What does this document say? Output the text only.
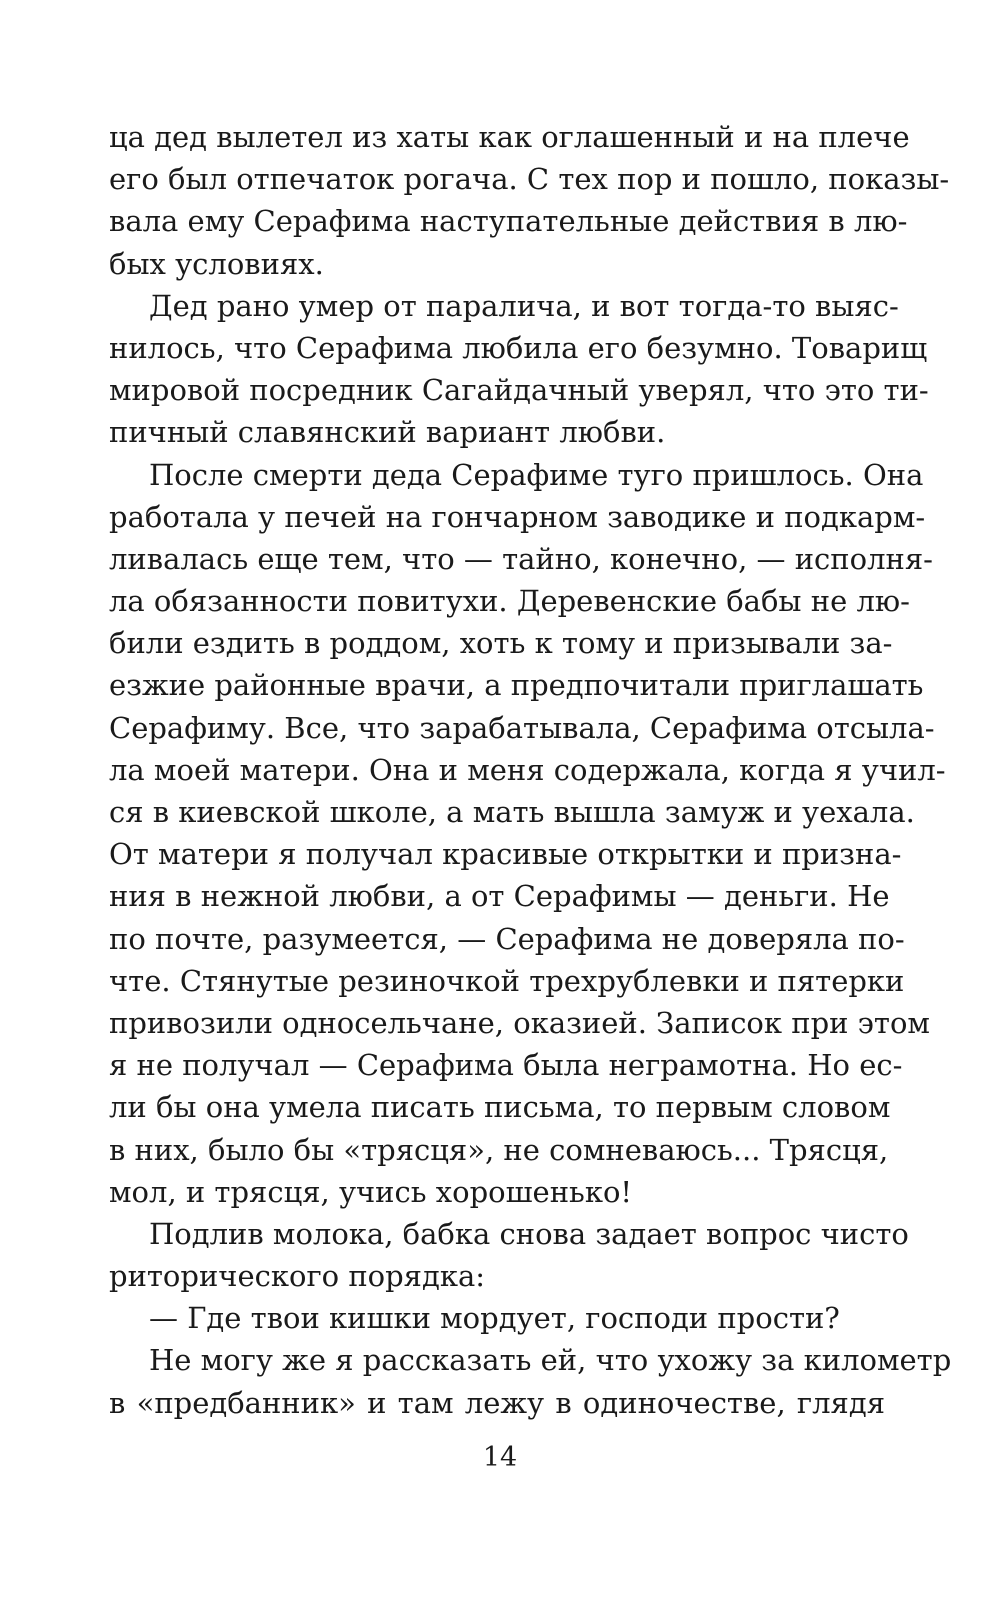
ца дед вылетел из хаты как оглашенный и на плече
его был отпечаток рогача. С тех пор и пошло, показы-
вала ему Серафима наступательные действия в лю-
бых условиях.
Дед рано умер от паралича, и вот тогда-то выяс-
нилось, что Серафима любила его безумно. Товарищ
мировой посредник Сагайдачный уверял, что это ти-
пичный славянский вариант любви.
После смерти деда Серафиме туго пришлось. Она
работала у печей на гончарном заводике и подкарм-
ливалась еще тем, что — тайно, конечно, — исполня-
ла обязанности повитухи. Деревенские бабы не лю-
били ездить в роддом, хоть к тому и призывали за-
езжие районные врачи, а предпочитали приглашать
Серафиму. Все, что зарабатывала, Серафима отсыла-
ла моей матери. Она и меня содержала, когда я учил-
ся в киевской школе, а мать вышла замуж и уехала.
От матери я получал красивые открытки и призна-
ния в нежной любви, а от Серафимы — деньги. Не
по почте, разумеется, — Серафима не доверяла по-
чте. Стянутые резиночкой трехрублевки и пятерки
привозили односельчане, оказией. Записок при этом
я не получал — Серафима была неграмотна. Но ес-
ли бы она умела писать письма, то первым словом
в них, было бы «трясця», не сомневаюсь... Трясця,
мол, и трясця, учись хорошенько!
Подлив молока, бабка снова задает вопрос чисто
риторического порядка:
— Где твои кишки мордует, господи прости?
Не могу же я рассказать ей, что ухожу за километр
в «предбанник» и там лежу в одиночестве, глядя
14
